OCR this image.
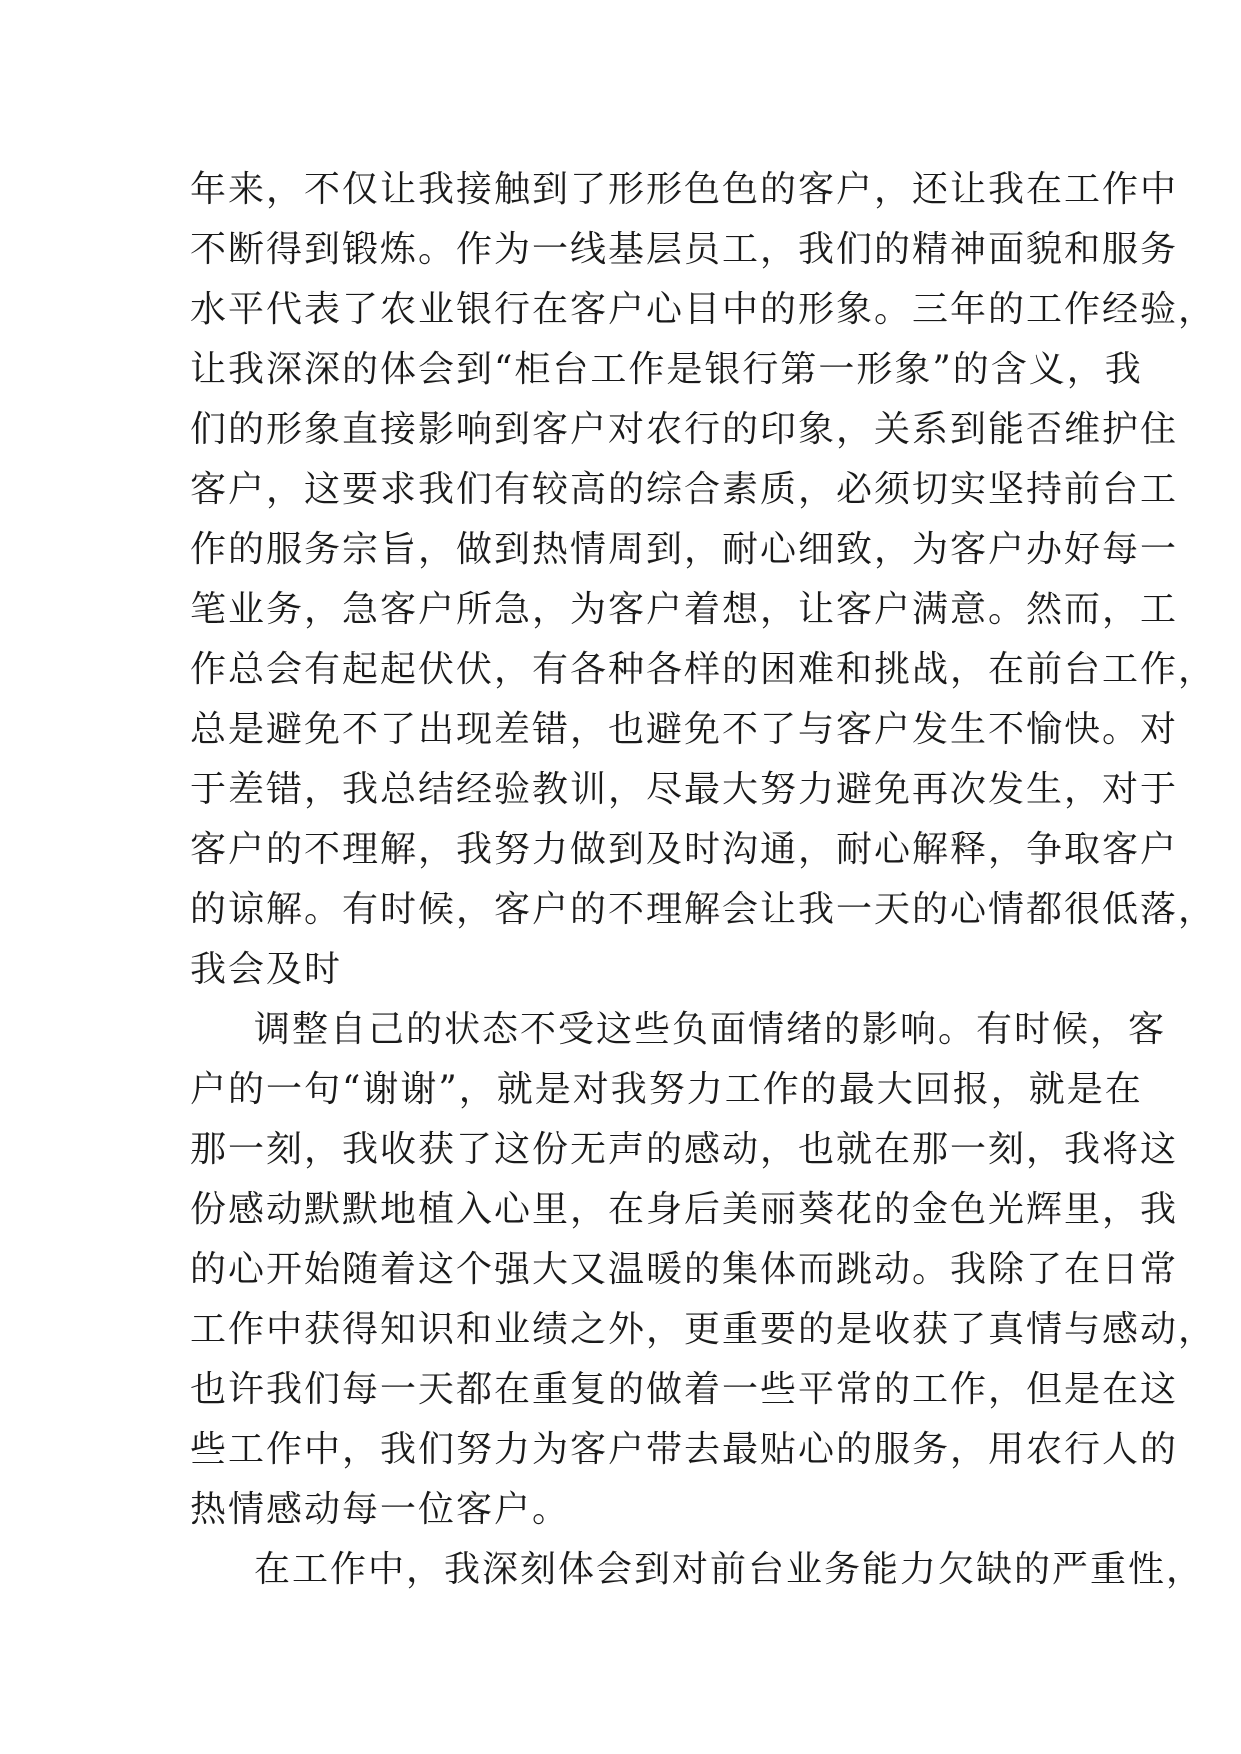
年来，不仅让我接触到了形形色色的客户，还让我在工作中
不断得到锻炼。作为一线基层员工，我们的精神面貌和服务
水平代表了农业银行在客户心目中的形象。三年的工作经验，
让我深深的体会到“柜台工作是银行第一形象”的含义，我
们的形象直接影响到客户对农行的印象，关系到能否维护住
客户，这要求我们有较高的综合素质，必须切实坚持前台工
作的服务宗旨，做到热情周到，耐心细致，为客户办好每一
笔业务，急客户所急，为客户着想，让客户满意。然而，工
作总会有起起伏伏，有各种各样的困难和挑战，在前台工作，
总是避免不了出现差错，也避免不了与客户发生不愉快。对
于差错，我总结经验教训，尽最大努力避免再次发生，对于
客户的不理解，我努力做到及时沟通，耐心解释，争取客户
的谅解。有时候，客户的不理解会让我一天的心情都很低落，
我会及时
调整自己的状态不受这些负面情绪的影响。有时候，客
户的一句“谢谢”，就是对我努力工作的最大回报，就是在
那一刻，我收获了这份无声的感动，也就在那一刻，我将这
份感动默默地植入心里，在身后美丽葵花的金色光辉里，我
的心开始随着这个强大又温暖的集体而跳动。我除了在日常
工作中获得知识和业绩之外，更重要的是收获了真情与感动，
也许我们每一天都在重复的做着一些平常的工作，但是在这
些工作中，我们努力为客户带去最贴心的服务，用农行人的
热情感动每一位客户。
在工作中，我深刻体会到对前台业务能力欠缺的严重性，
